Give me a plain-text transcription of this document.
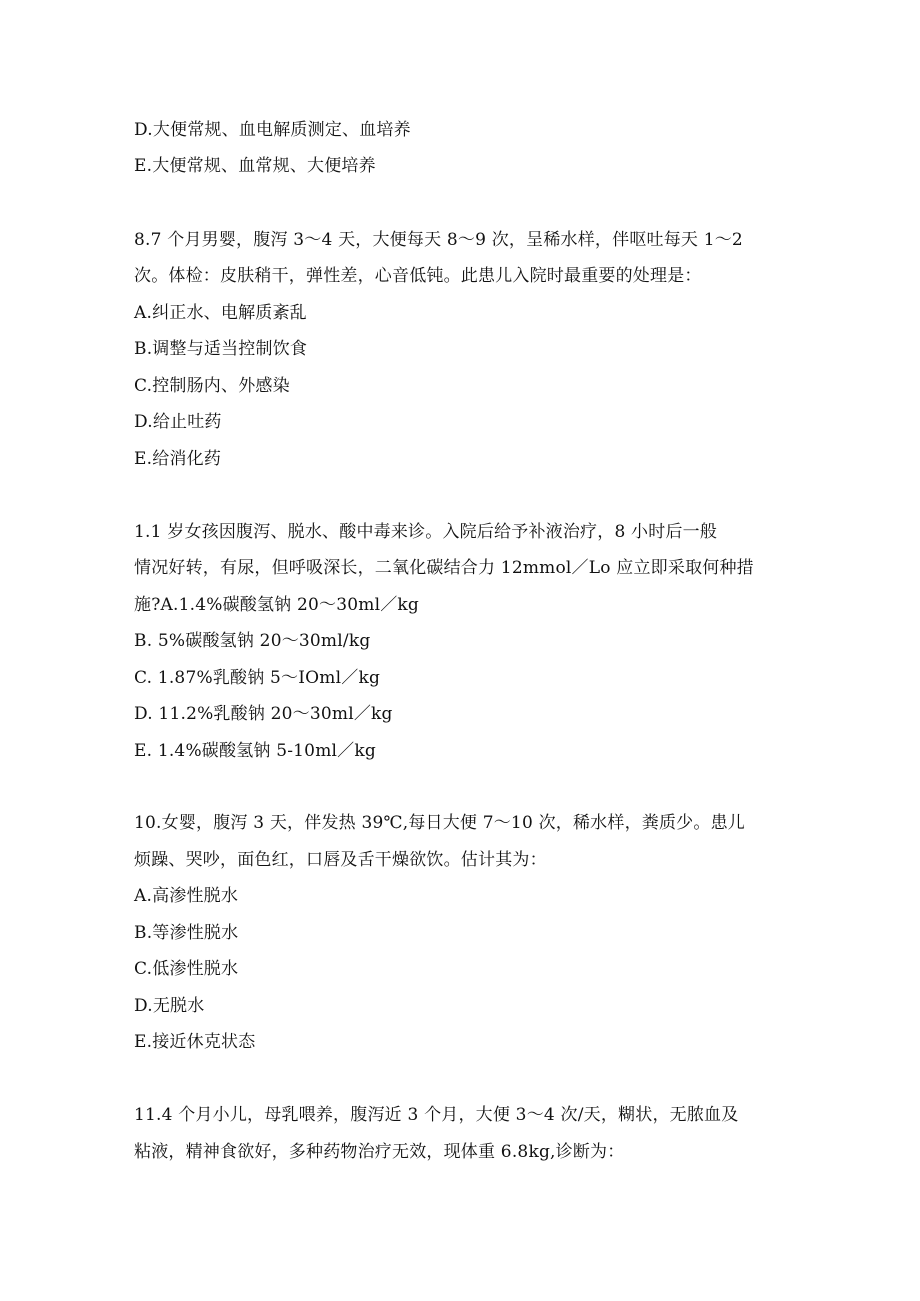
D.大便常规、血电解质测定、血培养
E.大便常规、血常规、大便培养
8.7 个月男婴，腹泻 3～4 天，大便每天 8～9 次，呈稀水样，伴呕吐每天 1～2
次。体检：皮肤稍干，弹性差，心音低钝。此患儿入院时最重要的处理是：
A.纠正水、电解质紊乱
B.调整与适当控制饮食
C.控制肠内、外感染
D.给止吐药
E.给消化药
1.1 岁女孩因腹泻、脱水、酸中毒来诊。入院后给予补液治疗，8 小时后一般
情况好转，有尿，但呼吸深长，二氧化碳结合力 12mmol／Lo 应立即采取何种措
施?A.1.4%碳酸氢钠 20～30ml／kg
B. 5%碳酸氢钠 20～30ml/kg
C. 1.87%乳酸钠 5～IOml／kg
D. 11.2%乳酸钠 20～30ml／kg
E. 1.4%碳酸氢钠 5-10ml／kg
10.女婴，腹泻 3 天，伴发热 39℃,每日大便 7～10 次，稀水样，粪质少。患儿
烦躁、哭吵，面色红，口唇及舌干燥欲饮。估计其为：
A.高渗性脱水
B.等渗性脱水
C.低渗性脱水
D.无脱水
E.接近休克状态
11.4 个月小儿，母乳喂养，腹泻近 3 个月，大便 3～4 次/天，糊状，无脓血及
粘液，精神食欲好，多种药物治疗无效，现体重 6.8kg,诊断为：
